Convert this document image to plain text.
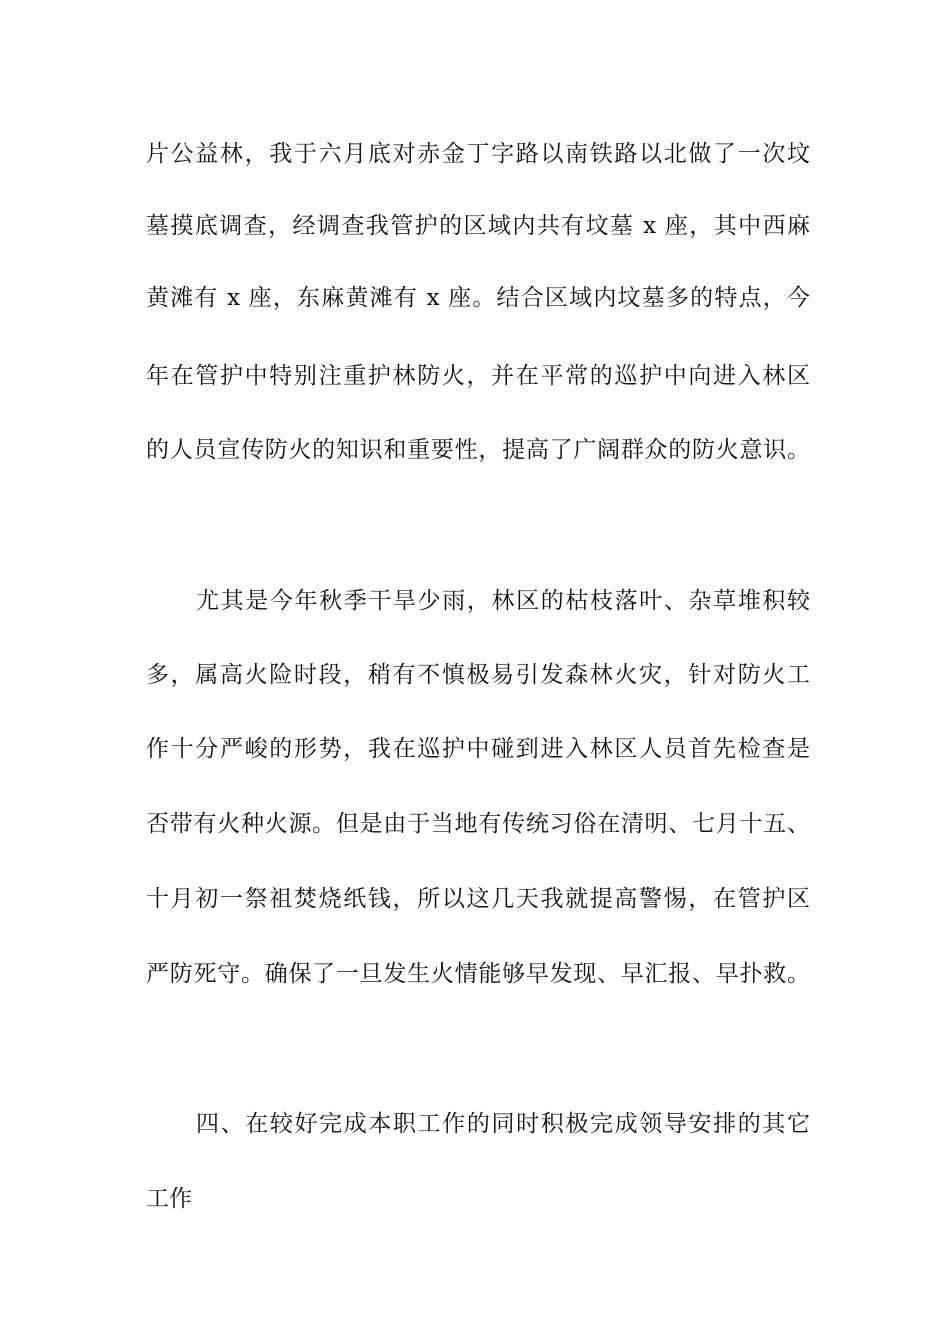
片公益林，我于六月底对赤金丁字路以南铁路以北做了一次坟
墓摸底调查，经调查我管护的区域内共有坟墓 x 座，其中西麻
黄滩有 x 座，东麻黄滩有 x 座。结合区域内坟墓多的特点，今
年在管护中特别注重护林防火，并在平常的巡护中向进入林区
的人员宣传防火的知识和重要性，提高了广阔群众的防火意识。
尤其是今年秋季干旱少雨，林区的枯枝落叶、杂草堆积较
多，属高火险时段，稍有不慎极易引发森林火灾，针对防火工
作十分严峻的形势，我在巡护中碰到进入林区人员首先检查是
否带有火种火源。但是由于当地有传统习俗在清明、七月十五、
十月初一祭祖焚烧纸钱，所以这几天我就提高警惕，在管护区
严防死守。确保了一旦发生火情能够早发现、早汇报、早扑救。
四、在较好完成本职工作的同时积极完成领导安排的其它
工作
